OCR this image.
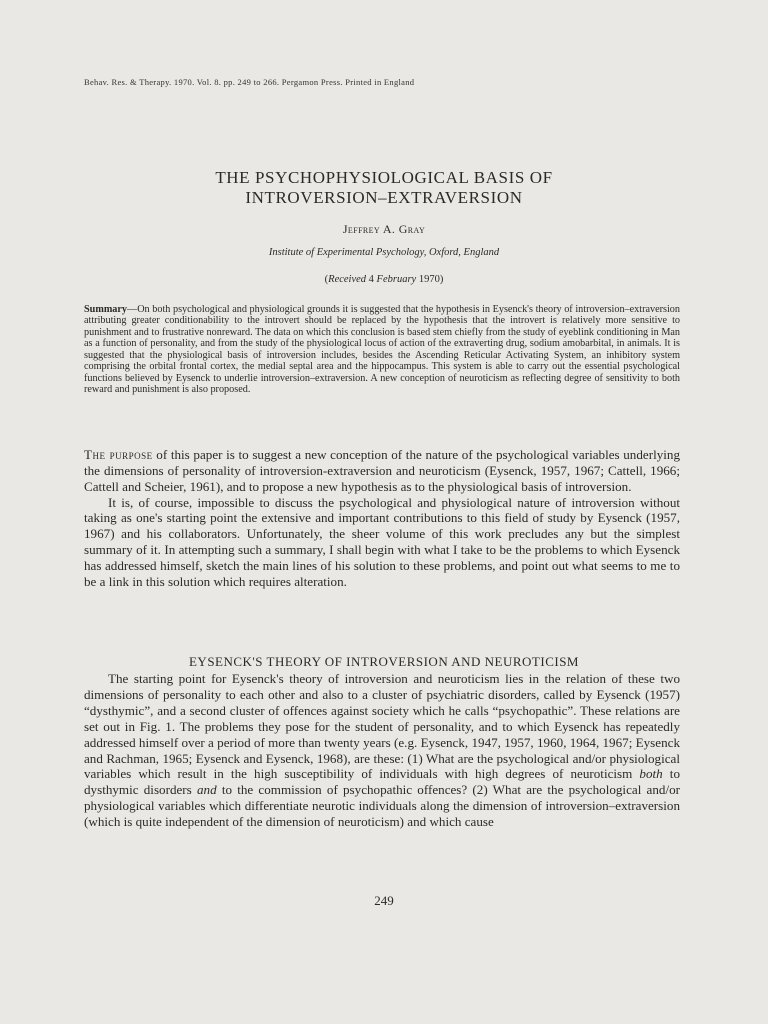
Behav. Res. & Therapy. 1970. Vol. 8. pp. 249 to 266. Pergamon Press. Printed in England
THE PSYCHOPHYSIOLOGICAL BASIS OF
INTROVERSION–EXTRAVERSION
Jeffrey A. Gray
Institute of Experimental Psychology, Oxford, England
(Received 4 February 1970)
Summary—On both psychological and physiological grounds it is suggested that the hypothesis in Eysenck's theory of introversion–extraversion attributing greater conditionability to the introvert should be replaced by the hypothesis that the introvert is relatively more sensitive to punishment and to frustrative nonreward. The data on which this conclusion is based stem chiefly from the study of eyeblink conditioning in Man as a function of personality, and from the study of the physiological locus of action of the extraverting drug, sodium amobarbital, in animals. It is suggested that the physiological basis of introversion includes, besides the Ascending Reticular Activating System, an inhibitory system comprising the orbital frontal cortex, the medial septal area and the hippocampus. This system is able to carry out the essential psychological functions believed by Eysenck to underlie introversion–extraversion. A new conception of neuroticism as reflecting degree of sensitivity to both reward and punishment is also proposed.

The purpose of this paper is to suggest a new conception of the nature of the psychological variables underlying the dimensions of personality of introversion-extraversion and neuroticism (Eysenck, 1957, 1967; Cattell, 1966; Cattell and Scheier, 1961), and to propose a new hypothesis as to the physiological basis of introversion.

It is, of course, impossible to discuss the psychological and physiological nature of introversion without taking as one's starting point the extensive and important contributions to this field of study by Eysenck (1957, 1967) and his collaborators. Unfortunately, the sheer volume of this work precludes any but the simplest summary of it. In attempting such a summary, I shall begin with what I take to be the problems to which Eysenck has addressed himself, sketch the main lines of his solution to these problems, and point out what seems to me to be a link in this solution which requires alteration.

EYSENCK'S THEORY OF INTROVERSION AND NEUROTICISM

The starting point for Eysenck's theory of introversion and neuroticism lies in the relation of these two dimensions of personality to each other and also to a cluster of psychiatric disorders, called by Eysenck (1957) “dysthymic”, and a second cluster of offences against society which he calls “psychopathic”. These relations are set out in Fig. 1. The problems they pose for the student of personality, and to which Eysenck has repeatedly addressed himself over a period of more than twenty years (e.g. Eysenck, 1947, 1957, 1960, 1964, 1967; Eysenck and Rachman, 1965; Eysenck and Eysenck, 1968), are these: (1) What are the psychological and/or physiological variables which result in the high susceptibility of individuals with high degrees of neuroticism both to dysthymic disorders and to the commission of psychopathic offences? (2) What are the psychological and/or physiological variables which differentiate neurotic individuals along the dimension of introversion–extraversion (which is quite independent of the dimension of neuroticism) and which cause

249
